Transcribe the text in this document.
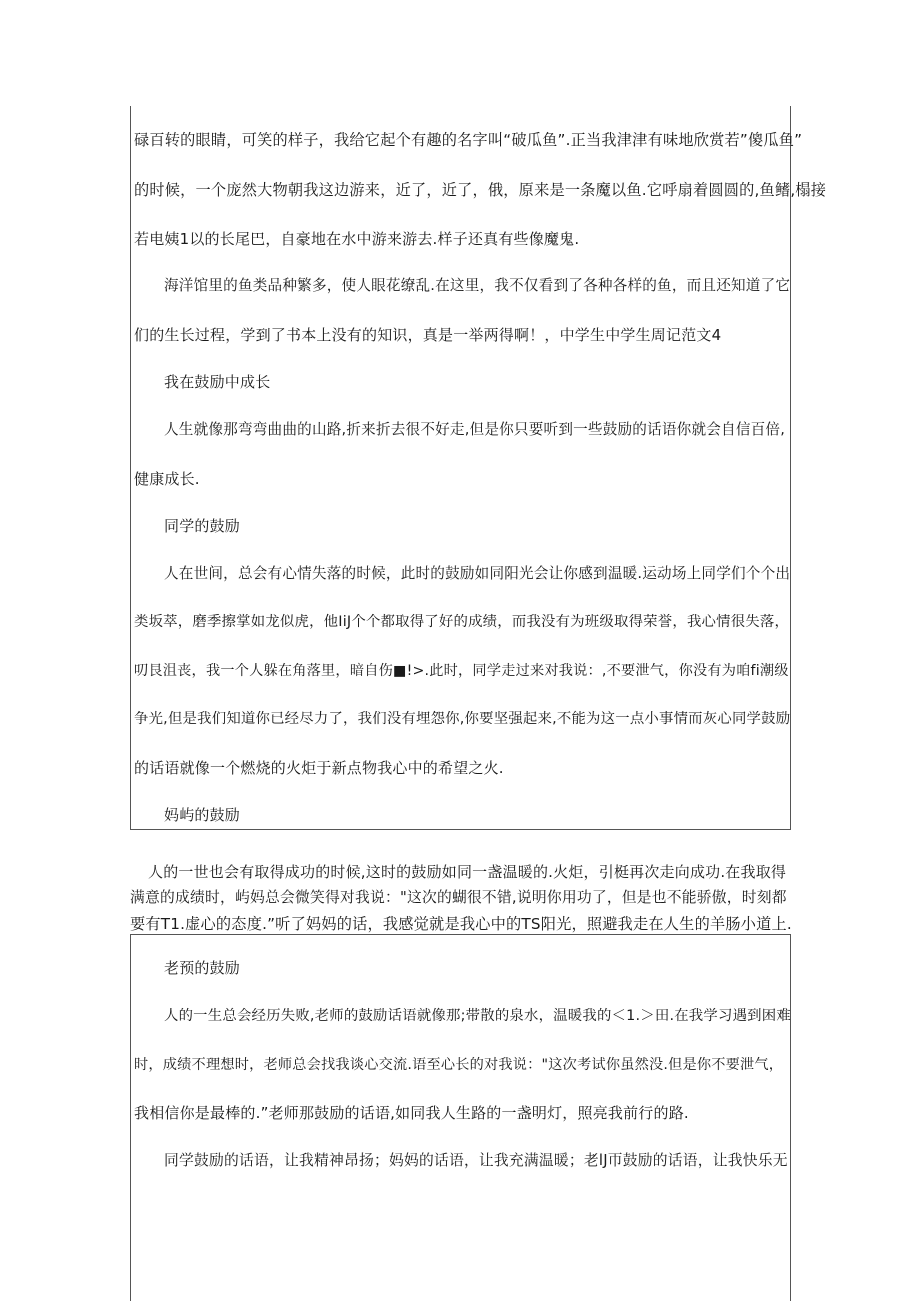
碌百转的眼睛，可笑的样子，我给它起个有趣的名字叫“破瓜鱼”.正当我津津有味地欣赏若”傻瓜鱼”
的时候，一个庞然大物朝我这边游来，近了，近了，俄，原来是一条魔以鱼.它呼扇着圆圆的,鱼鳍,榻接
若电姨1以的长尾巴，自豪地在水中游来游去.样子还真有些像魔鬼.
海洋馆里的鱼类品种繁多，使人眼花缭乱.在这里，我不仅看到了各种各样的鱼，而且还知道了它
们的生长过程，学到了书本上没有的知识，真是一举两得啊！，中学生中学生周记范文4
我在鼓励中成长
人生就像那弯弯曲曲的山路,折来折去很不好走,但是你只要听到一些鼓励的话语你就会自信百倍,
健康成长.
同学的鼓励
人在世间，总会有心情失落的时候，此时的鼓励如同阳光会让你感到温暖.运动场上同学们个个出
类坂萃，磨季擦掌如龙似虎，他IiJ个个都取得了好的成绩，而我没有为班级取得荣誉，我心情很失落，
叨艮沮丧，我一个人躲在角落里，暗自伤■!>.此时，同学走过来对我说：,不要泄气，你没有为咱fi潮级
争光,但是我们知道你已经尽力了，我们没有埋怨你,你要坚强起来,不能为这一点小事情而灰心同学鼓励
的话语就像一个燃烧的火炬于新点物我心中的希望之火.
妈屿的鼓励
人的一世也会有取得成功的时候,这时的鼓励如同一盏温暖的.火炬，引梃再次走向成功.在我取得
满意的成绩时，屿妈总会微笑得对我说："这次的蝴很不错,说明你用功了，但是也不能骄傲，时刻都
要有T1.虚心的态度.”听了妈妈的话，我感觉就是我心中的TS阳光，照避我走在人生的羊肠小道上.
老预的鼓励
人的一生总会经历失败,老师的鼓励话语就像那;带散的泉水，温暖我的＜1.＞田.在我学习遇到困难
时，成绩不理想时，老师总会找我谈心交流.语至心长的对我说："这次考试你虽然没.但是你不要泄气，
我相信你是最棒的.”老师那鼓励的话语,如同我人生路的一盏明灯，照亮我前行的路.
同学鼓励的话语，让我精神昂扬；妈妈的话语，让我充满温暖；老lJ帀鼓励的话语，让我快乐无
